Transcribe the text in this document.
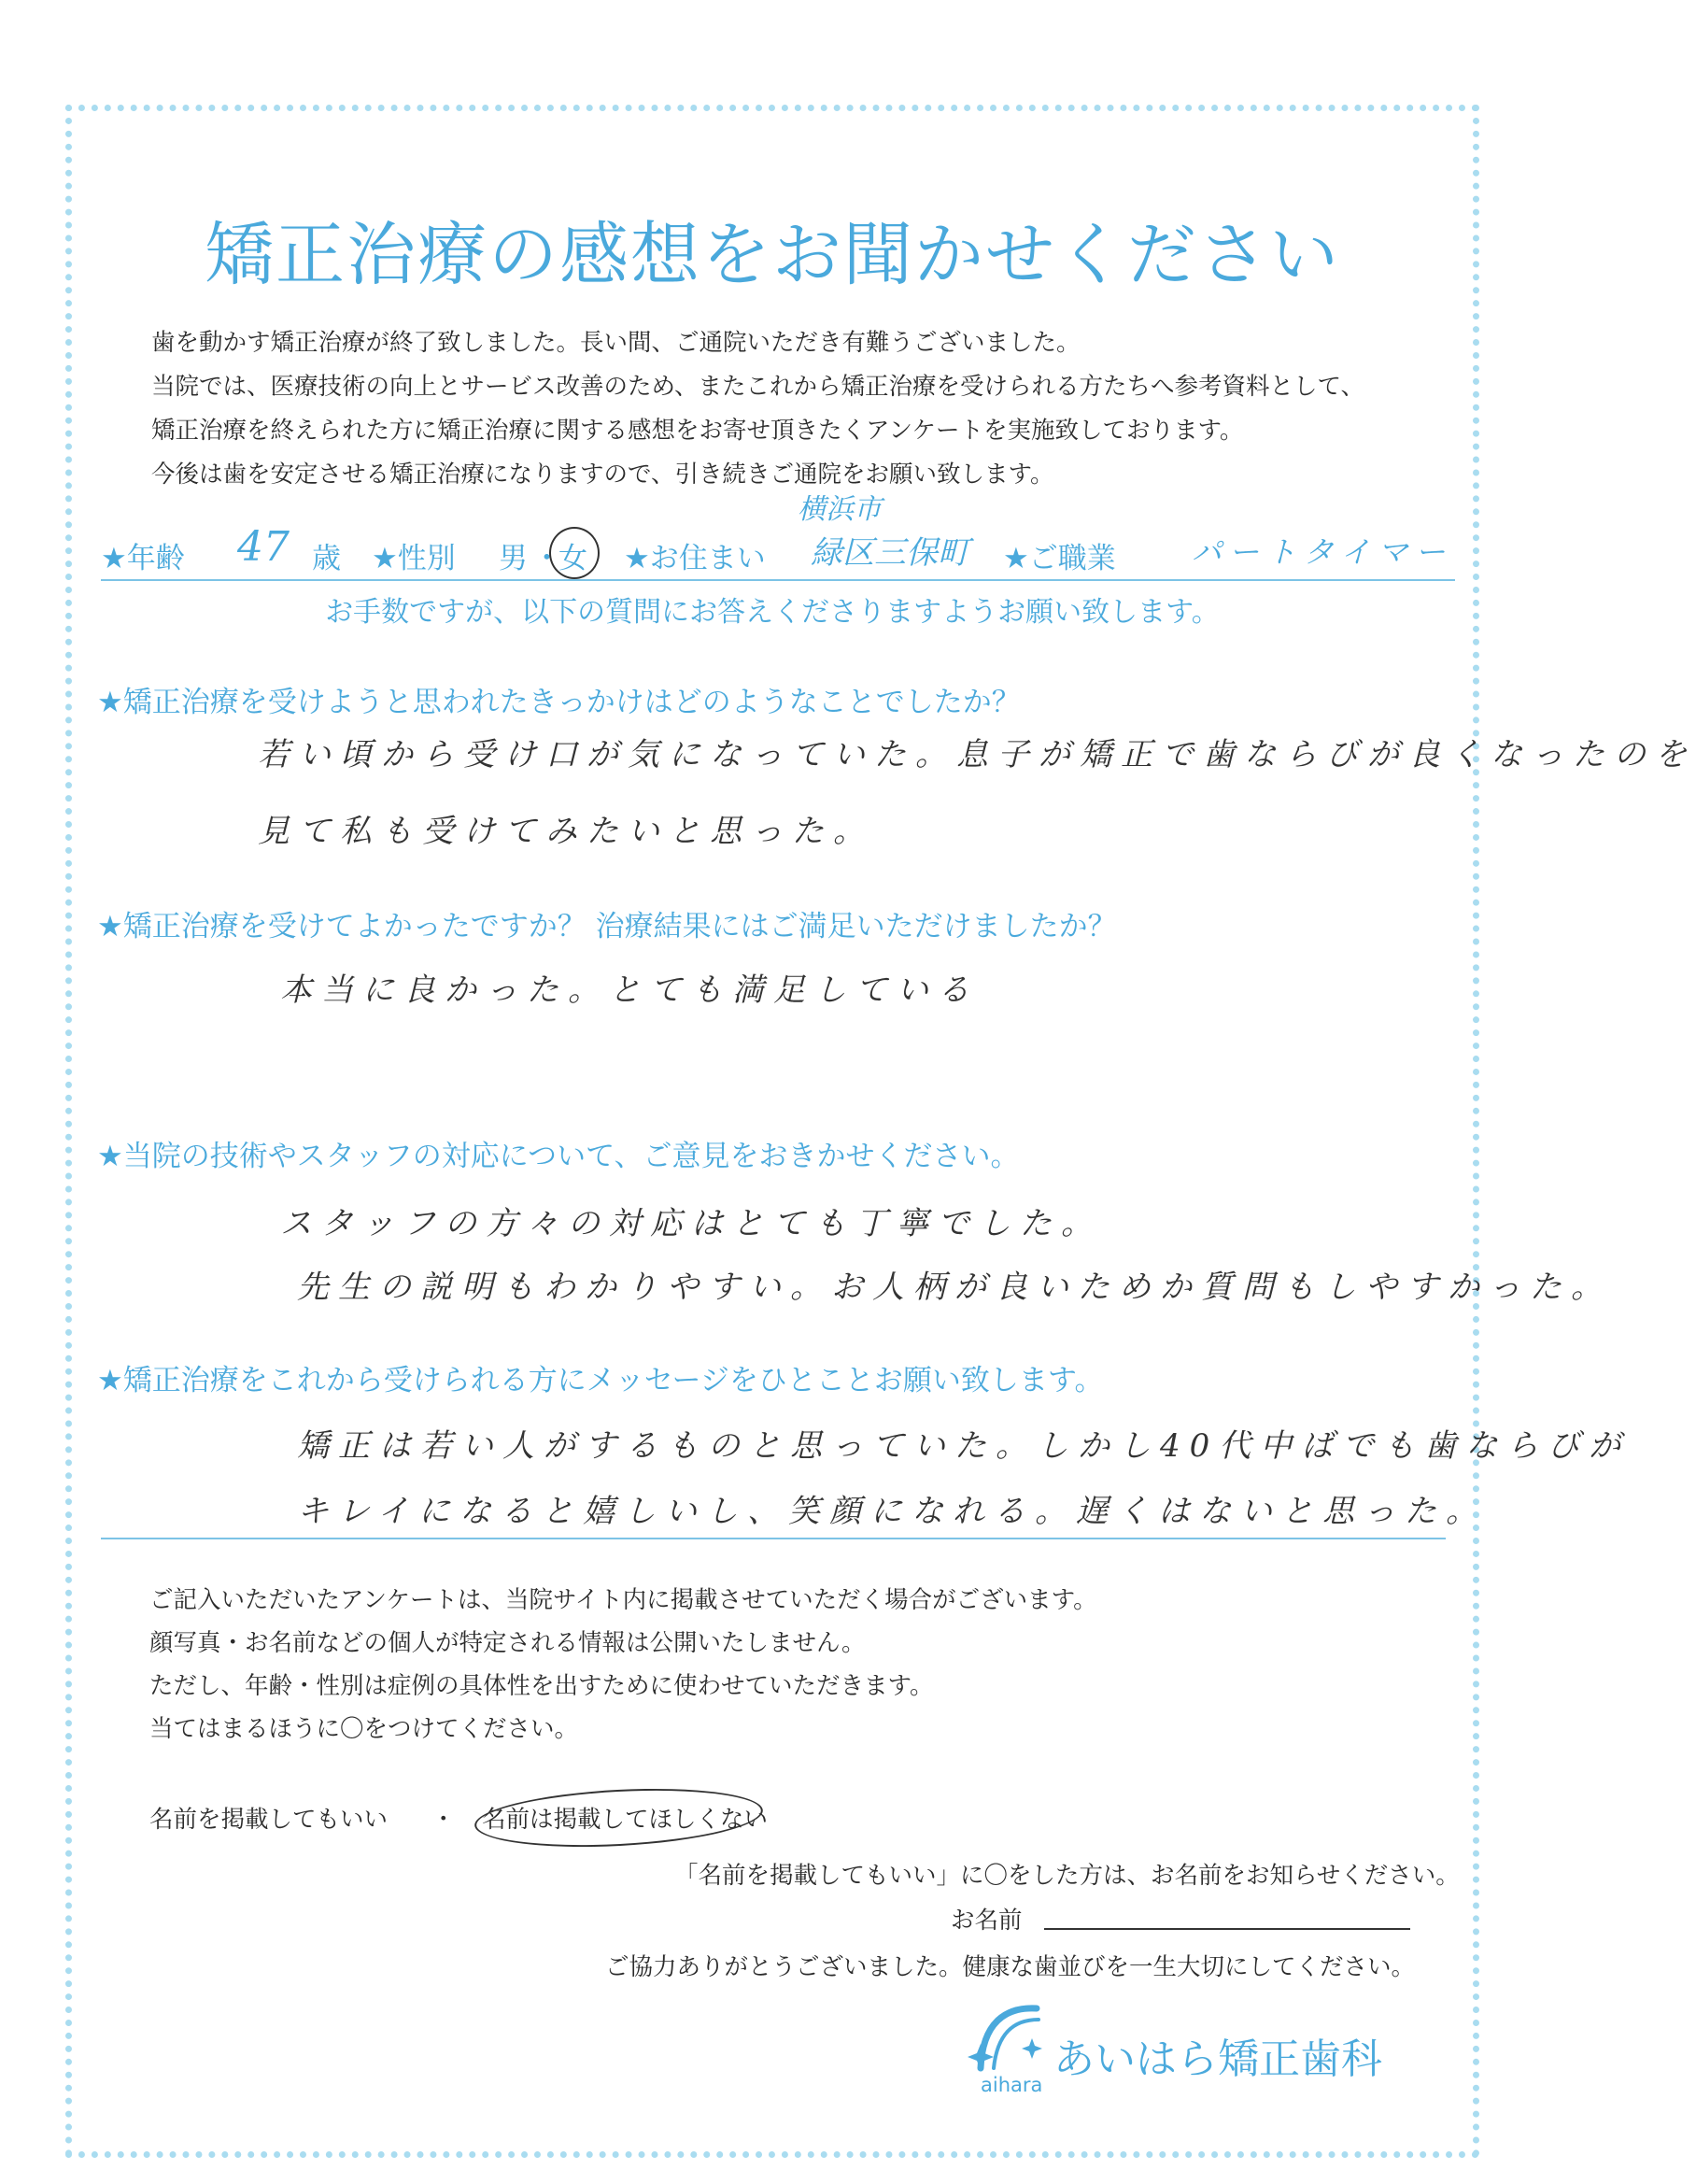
矯正治療の感想をお聞かせください
歯を動かす矯正治療が終了致しました。長い間、ご通院いただき有難うございました。
当院では、医療技術の向上とサービス改善のため、またこれから矯正治療を受けられる方たちへ参考資料として、
矯正治療を終えられた方に矯正治療に関する感想をお寄せ頂きたくアンケートを実施致しております。
今後は歯を安定させる矯正治療になりますので、引き続きご通院をお願い致します。
★年齢 47 歳 ★性別 男 ・
女 ★お住まい
横浜市
緑区三保町 ★ご職業	パートタイマー
お手数ですが、以下の質問にお答えくださりますようお願い致します。
★矯正治療を受けようと思われたきっかけはどのようなことでしたか？
若い頃から受け口が気になっていた。息子が矯正で歯ならびが良くなったのを
見て私も受けてみたいと思った。
★矯正治療を受けてよかったですか？ 治療結果にはご満足いただけましたか？
本当に良かった。とても満足している
★当院の技術やスタッフの対応について、ご意見をおきかせください。
スタッフの方々の対応はとても丁寧でした。
先生の説明もわかりやすい。お人柄が良いためか質問もしやすかった。
★矯正治療をこれから受けられる方にメッセージをひとことお願い致します。
矯正は若い人がするものと思っていた。しかし40代中ばでも歯ならびが
キレイになると嬉しいし、笑顔になれる。遅くはないと思った。
ご記入いただいたアンケートは、当院サイト内に掲載させていただく場合がございます。
顔写真・お名前などの個人が特定される情報は公開いたしません。
ただし、年齢・性別は症例の具体性を出すために使わせていただきます。
当てはまるほうに〇をつけてください。
名前を掲載してもいい ・ 名前は掲載してほしくない
「名前を掲載してもいい」に〇をした方は、お名前をお知らせください。
お名前
ご協力ありがとうございました。健康な歯並びを一生大切にしてください。
あいはら矯正歯科
aihara
